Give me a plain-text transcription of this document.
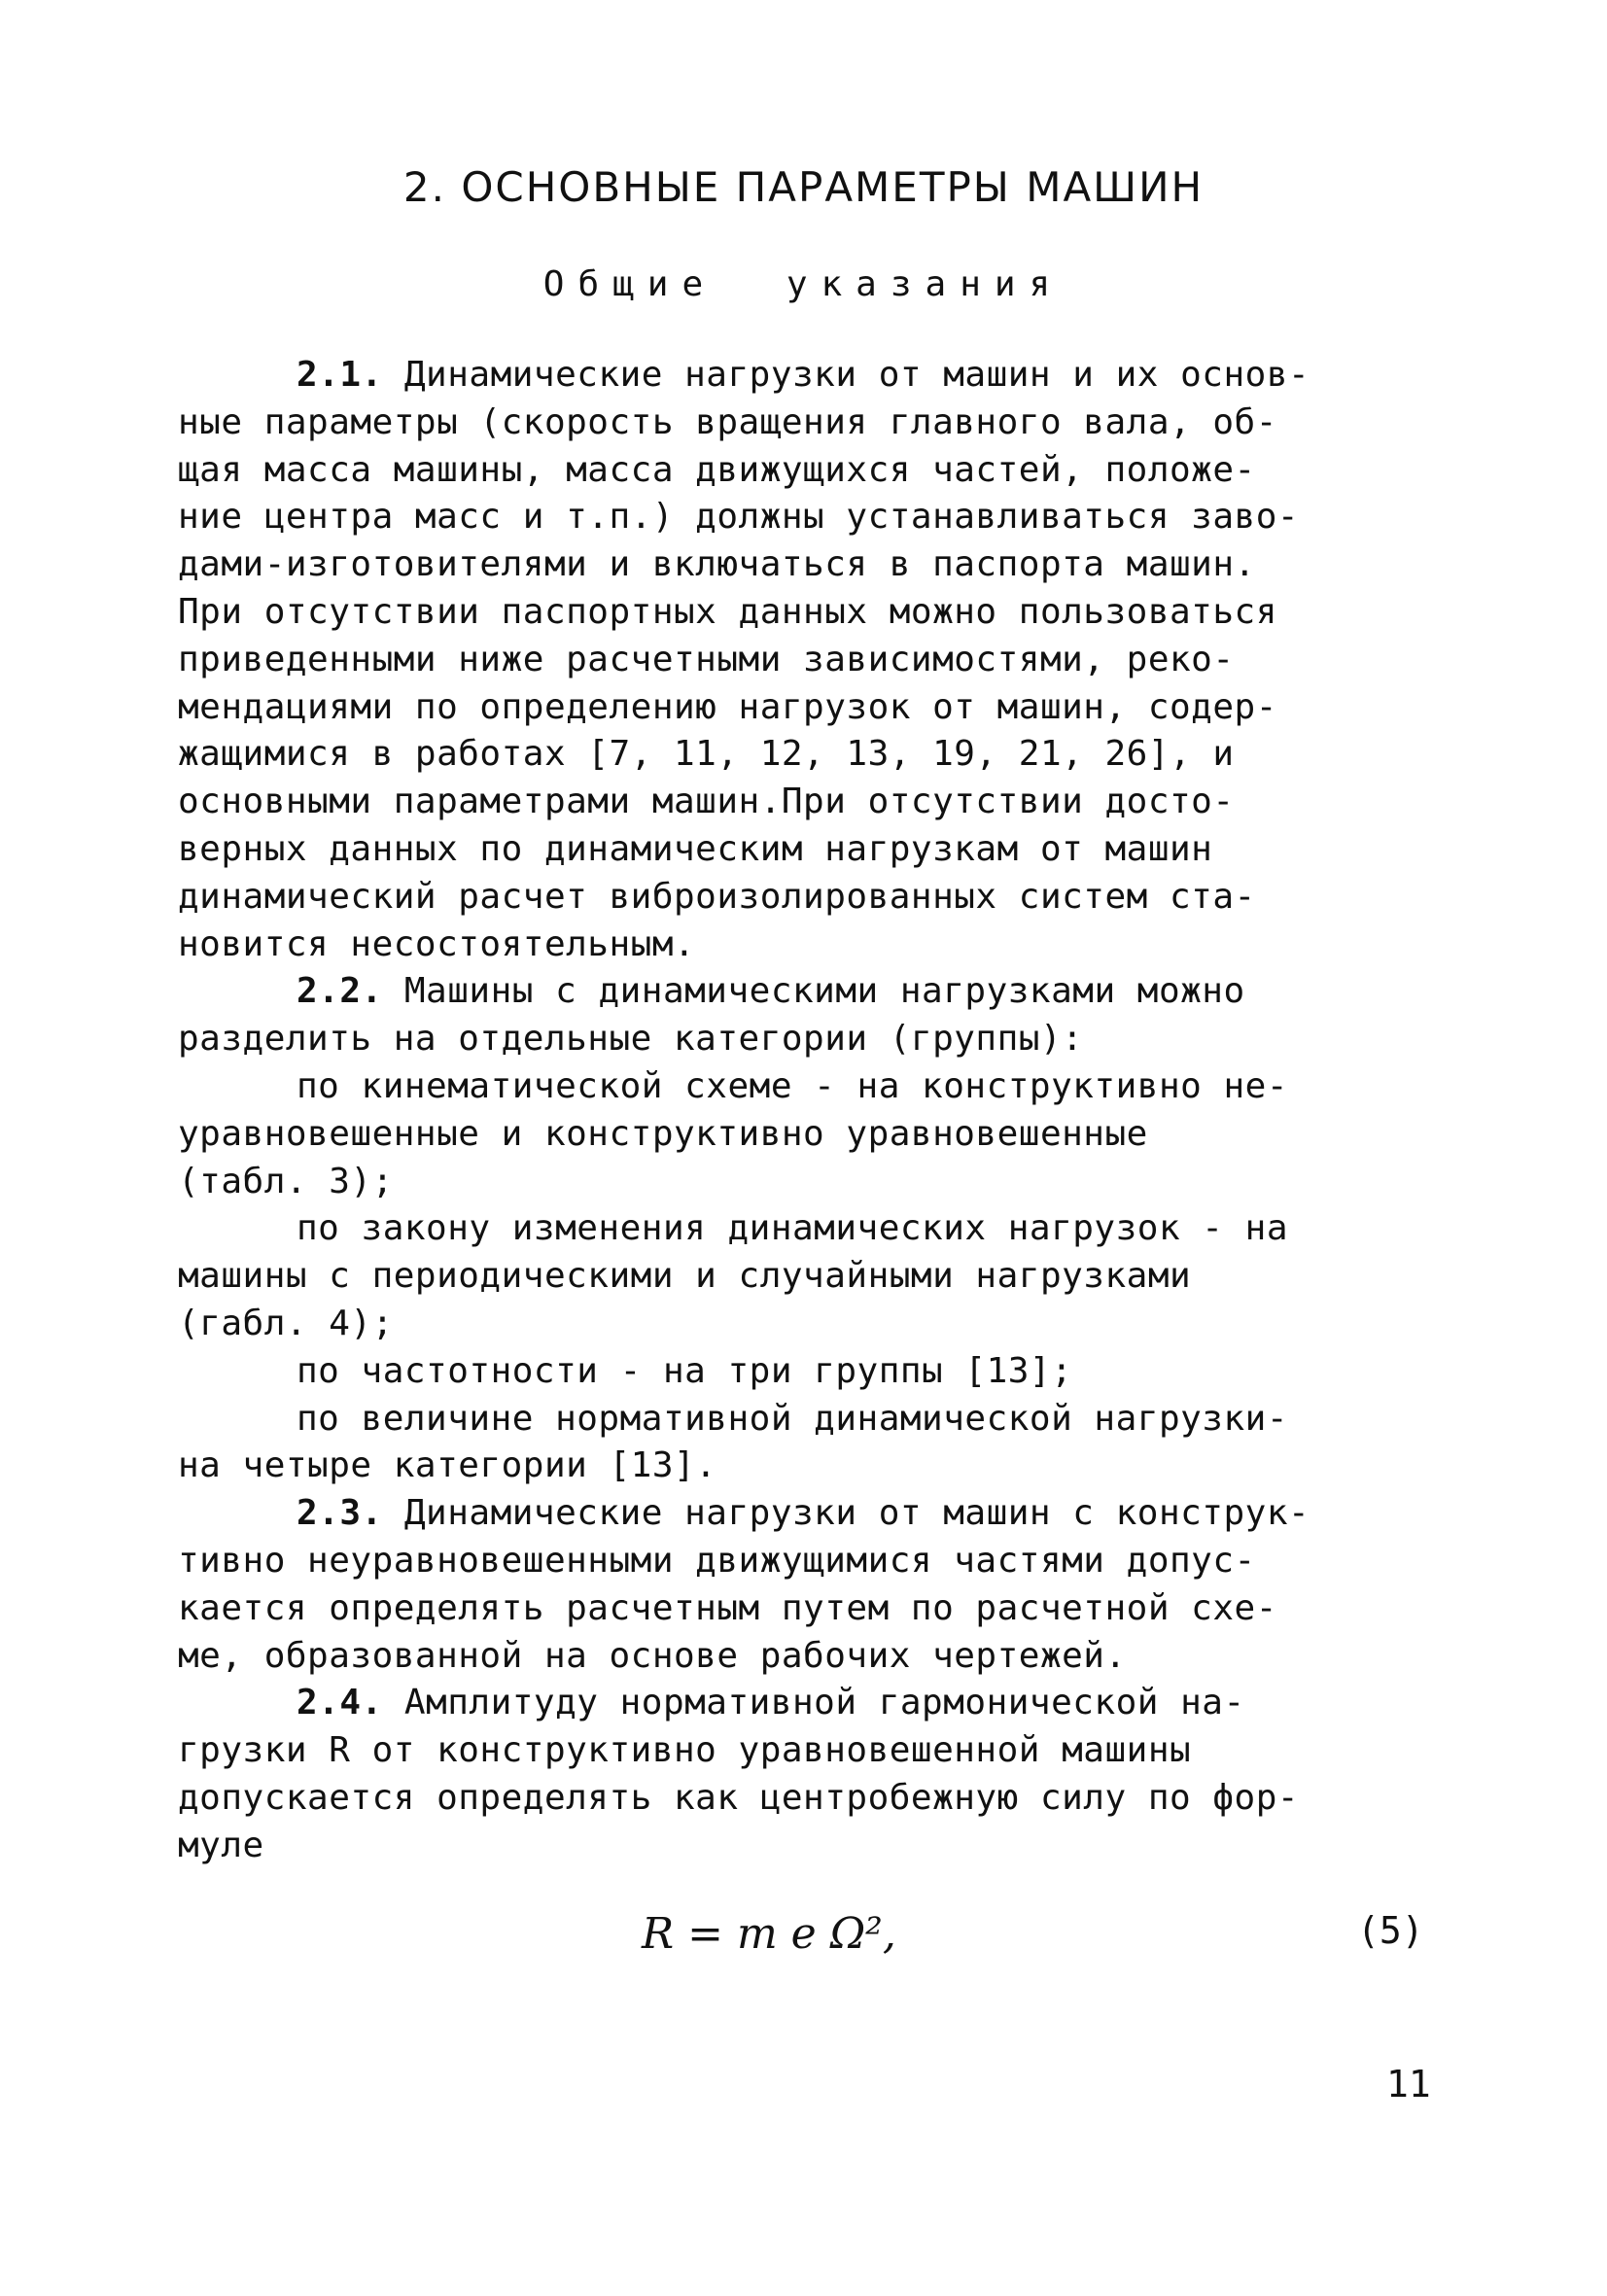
2. ОСНОВНЫЕ ПАРАМЕТРЫ МАШИН
Общие указания
2.1. Динамические нагрузки от машин и их основ-
ные параметры (скорость вращения главного вала, об-
щая масса машины, масса движущихся частей, положе-
ние центра масс и т.п.) должны устанавливаться заво-
дами-изготовителями и включаться в паспорта машин.
При отсутствии паспортных данных можно пользоваться
приведенными ниже расчетными зависимостями, реко-
мендациями по определению нагрузок от машин, содер-
жащимися в работах [7, 11, 12, 13, 19, 21, 26], и
основными параметрами машин.При отсутствии досто-
верных данных по динамическим нагрузкам от машин
динамический расчет виброизолированных систем ста-
новится несостоятельным.
2.2. Машины с динамическими нагрузками можно
разделить на отдельные категории (группы):
по кинематической схеме - на конструктивно не-
уравновешенные и конструктивно уравновешенные
(табл. 3);
по закону изменения динамических нагрузок - на
машины с периодическими и случайными нагрузками
(габл. 4);
по частотности - на три группы [13];
по величине нормативной динамической нагрузки-
на четыре категории [13].
2.3. Динамические нагрузки от машин с конструк-
тивно неуравновешенными движущимися частями допус-
кается определять расчетным путем по расчетной схе-
ме, образованной на основе рабочих чертежей.
2.4. Амплитуду нормативной гармонической на-
грузки R от конструктивно уравновешенной машины
допускается определять как центробежную силу по фор-
муле
R = m e Ω²,	(5)
11
